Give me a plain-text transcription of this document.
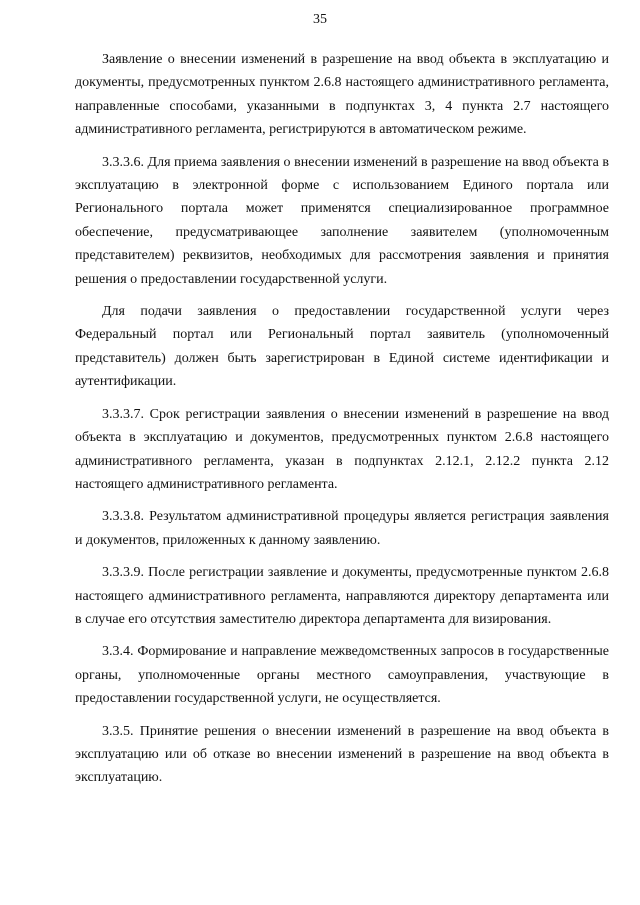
35

Заявление о внесении изменений в разрешение на ввод объекта в эксплуатацию и документы, предусмотренных пунктом 2.6.8 настоящего административного регламента, направленные способами, указанными в подпунктах 3, 4 пункта 2.7 настоящего административного регламента, регистрируются в автоматическом режиме.

3.3.3.6. Для приема заявления о внесении изменений в разрешение на ввод объекта в эксплуатацию в электронной форме с использованием Единого портала или Регионального портала может применятся специализированное программное обеспечение, предусматривающее заполнение заявителем (уполномоченным представителем) реквизитов, необходимых для рассмотрения заявления и принятия решения о предоставлении государственной услуги.

Для подачи заявления о предоставлении государственной услуги через Федеральный портал или Региональный портал заявитель (уполномоченный представитель) должен быть зарегистрирован в Единой системе идентификации и аутентификации.

3.3.3.7. Срок регистрации заявления о внесении изменений в разрешение на ввод объекта в эксплуатацию и документов, предусмотренных пунктом 2.6.8 настоящего административного регламента, указан в подпунктах 2.12.1, 2.12.2 пункта 2.12 настоящего административного регламента.

3.3.3.8. Результатом административной процедуры является регистрация заявления и документов, приложенных к данному заявлению.

3.3.3.9. После регистрации заявление и документы, предусмотренные пунктом 2.6.8 настоящего административного регламента, направляются директору департамента или в случае его отсутствия заместителю директора департамента для визирования.

3.3.4. Формирование и направление межведомственных запросов в государственные органы, уполномоченные органы местного самоуправления, участвующие в предоставлении государственной услуги, не осуществляется.

3.3.5. Принятие решения о внесении изменений в разрешение на ввод объекта в эксплуатацию или об отказе во внесении изменений в разрешение на ввод объекта в эксплуатацию.
